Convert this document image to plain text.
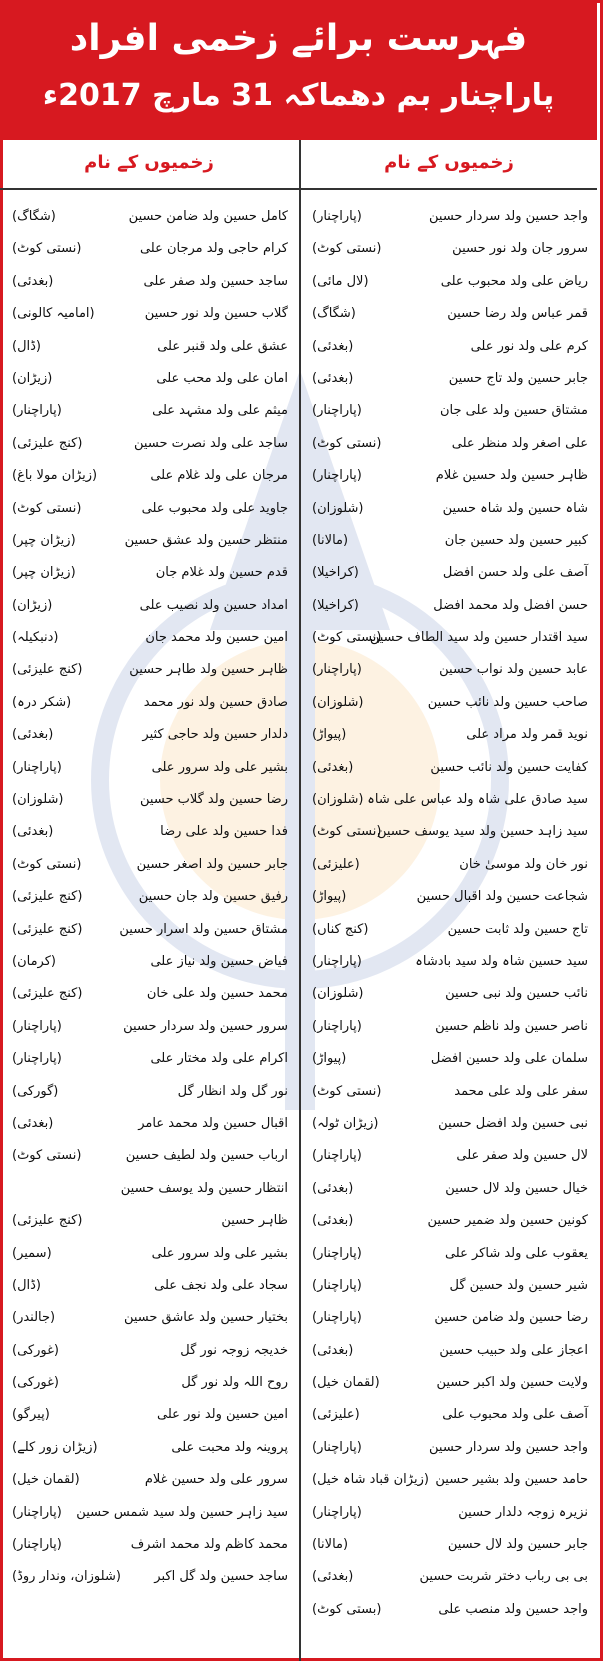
فہرست برائے زخمی افراد
پاراچنار بم دھماکہ 31 مارچ 2017ء
زخمیوں کے نام
زخمیوں کے نام
واجد حسین ولد سردار حسین
(پاراچنار)
سرور جان ولد نور حسین
(نستی کوٹ)
ریاض علی ولد محبوب علی
(لال مائی)
قمر عباس ولد رضا حسین
(شگاگ)
کرم علی ولد نور علی
(بغدئی)
جابر حسین ولد تاج حسین
(بغدئی)
مشتاق حسین ولد علی جان
(پاراچنار)
علی اصغر ولد منظر علی
(نستی کوٹ)
ظاہر حسین ولد حسین غلام
(پاراچنار)
شاہ حسین ولد شاہ حسین
(شلوزان)
کبیر حسین ولد حسین جان
(مالانا)
آصف علی ولد حسن افضل
(کراخیلا)
حسن افضل ولد محمد افضل
(کراخیلا)
سید اقتدار حسین ولد سید الطاف حسین
(نستی کوٹ)
عابد حسین ولد نواب حسین
(پاراچنار)
صاحب حسین ولد نائب حسین
(شلوزان)
نوید قمر ولد مراد علی
(پیواڑ)
کفایت حسین ولد نائب حسین
(بغدئی)
سید صادق علی شاہ ولد عباس علی شاہ
(شلوزان)
سید زاہد حسین ولد سید یوسف حسین
(نستی کوٹ)
نور خان ولد موسیٰ خان
(علیزئی)
شجاعت حسین ولد اقبال حسین
(پیواڑ)
تاج حسین ولد ثابت حسین
(کنج کناں)
سید حسین شاہ ولد سید بادشاہ
(پاراچنار)
نائب حسین ولد نبی حسین
(شلوزان)
ناصر حسین ولد ناظم حسین
(پاراچنار)
سلمان علی ولد حسین افضل
(پیواڑ)
سفر علی ولد علی محمد
(نستی کوٹ)
نبی حسین ولد افضل حسین
(زیڑان ٹولہ)
لال حسین ولد صفر علی
(پاراچنار)
خیال حسین ولد لال حسین
(بغدئی)
کونین حسین ولد ضمیر حسین
(بغدئی)
یعقوب علی ولد شاکر علی
(پاراچنار)
شیر حسین ولد حسین گل
(پاراچنار)
رضا حسین ولد ضامن حسین
(پاراچنار)
اعجاز علی ولد حبیب حسین
(بغدئی)
ولایت حسین ولد اکبر حسین
(لقمان خیل)
آصف علی ولد محبوب علی
(علیزئی)
واجد حسین ولد سردار حسین
(پاراچنار)
حامد حسین ولد بشیر حسین
(زیڑان قباد شاہ خیل)
نزیرہ زوجہ دلدار حسین
(پاراچنار)
جابر حسین ولد لال حسین
(مالانا)
بی بی رباب دختر شربت حسین
(بغدئی)
واجد حسین ولد منصب علی
(بستی کوٹ)
کامل حسین ولد ضامن حسین
(شگاگ)
کرام حاجی ولد مرجان علی
(نستی کوٹ)
ساجد حسین ولد صفر علی
(بغدئی)
گلاب حسین ولد نور حسین
(امامیہ کالونی)
عشق علی ولد قنبر علی
(ڈال)
امان علی ولد محب علی
(زیڑان)
میثم علی ولد مشہد علی
(پاراچنار)
ساجد علی ولد نصرت حسین
(کنج علیزئی)
مرجان علی ولد غلام علی
(زیڑان مولا باغ)
جاوید علی ولد محبوب علی
(نستی کوٹ)
منتظر حسین ولد عشق حسین
(زیڑان چپر)
قدم حسین ولد غلام جان
(زیڑان چپر)
امداد حسین ولد نصیب علی
(زیڑان)
امین حسین ولد محمد جان
(دنبکیلہ)
ظاہر حسین ولد طاہر حسین
(کنج علیزئی)
صادق حسین ولد نور محمد
(شکر درہ)
دلدار حسین ولد حاجی کثیر
(بغدئی)
بشیر علی ولد سرور علی
(پاراچنار)
رضا حسین ولد گلاب حسین
(شلوزان)
فدا حسین ولد علی رضا
(بغدئی)
جابر حسین ولد اصغر حسین
(نستی کوٹ)
رفیق حسین ولد جان حسین
(کنج علیزئی)
مشتاق حسین ولد اسرار حسین
(کنج علیزئی)
فیاض حسین ولد نیاز علی
(کرمان)
محمد حسین ولد علی خان
(کنج علیزئی)
سرور حسین ولد سردار حسین
(پاراچنار)
اکرام علی ولد مختار علی
(پاراچنار)
نور گل ولد انظار گل
(گورکی)
اقبال حسین ولد محمد عامر
(بغدئی)
ارباب حسین ولد لطیف حسین
(نستی کوٹ)
انتظار حسین ولد یوسف حسین
ظاہر حسین
(کنج علیزئی)
بشیر علی ولد سرور علی
(سمیر)
سجاد علی ولد نجف علی
(ڈال)
بختیار حسین ولد عاشق حسین
(جالندر)
خدیجہ زوجہ نور گل
(غورکی)
روح اللہ ولد نور گل
(غورکی)
امین حسین ولد نور علی
(پیرگو)
پروینہ ولد محبت علی
(زیڑان زور کلے)
سرور علی ولد حسین غلام
(لقمان خیل)
سید زاہر حسین ولد سید شمس حسین
(پاراچنار)
محمد کاظم ولد محمد اشرف
(پاراچنار)
ساجد حسین ولد گل اکبر
(شلوزان، وندار روڈ)
